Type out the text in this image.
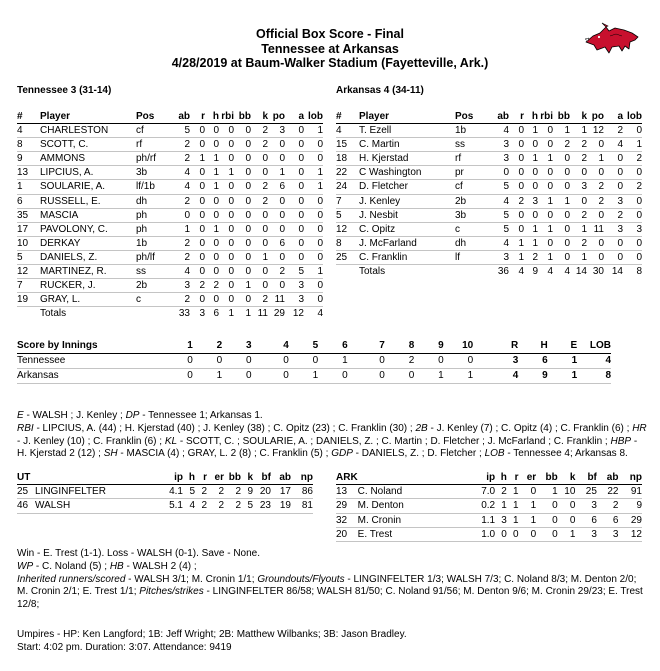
Official Box Score - Final
Tennessee at Arkansas
4/28/2019 at Baum-Walker Stadium (Fayetteville, Ark.)
Tennessee 3 (31-14)	Arkansas 4 (34-11)
#	Player	Pos	ab	r	h	rbi	bb	k	po	a	lob
4	CHARLESTON	cf	5	0	0	0	0	2	3	0	1
8	SCOTT, C.	rf	2	0	0	0	0	2	0	0	0
9	AMMONS	ph/rf	2	1	1	0	0	0	0	0	0
13	LIPCIUS, A.	3b	4	0	1	1	0	0	1	0	1
1	SOULARIE, A.	lf/1b	4	0	1	0	0	2	6	0	1
6	RUSSELL, E.	dh	2	0	0	0	0	2	0	0	0
35	MASCIA	ph	0	0	0	0	0	0	0	0	0
17	PAVOLONY, C.	ph	1	0	1	0	0	0	0	0	0
10	DERKAY	1b	2	0	0	0	0	0	6	0	0
5	DANIELS, Z.	ph/lf	2	0	0	0	0	1	0	0	0
12	MARTINEZ, R.	ss	4	0	0	0	0	0	2	5	1
7	RUCKER, J.	2b	3	2	2	0	1	0	0	3	0
19	GRAY, L.	c	2	0	0	0	0	2	11	3	0
	Totals		33	3	6	1	1	11	29	12	4
#	Player	Pos	ab	r	h	rbi	bb	k	po	a	lob
4	T. Ezell	1b	4	0	1	0	1	1	12	2	0
15	C. Martin	ss	3	0	0	0	2	2	0	4	1
18	H. Kjerstad	rf	3	0	1	1	0	2	1	0	2
22	C Washington	pr	0	0	0	0	0	0	0	0	0
24	D. Fletcher	cf	5	0	0	0	0	3	2	0	2
7	J. Kenley	2b	4	2	3	1	1	0	2	3	0
5	J. Nesbit	3b	5	0	0	0	0	2	0	2	0
12	C. Opitz	c	5	0	1	1	0	1	11	3	3
8	J. McFarland	dh	4	1	1	0	0	2	0	0	0
25	C. Franklin	lf	3	1	2	1	0	1	0	0	0
	Totals		36	4	9	4	4	14	30	14	8
Score by Innings	1	2	3	4	5	6	7	8	9	10	R	H	E	LOB
Tennessee	0	0	0	0	0	1	0	2	0	0	3	6	1	4
Arkansas	0	1	0	0	1	0	0	0	1	1	4	9	1	8
E - WALSH ; J. Kenley ; DP - Tennessee 1; Arkansas 1.
RBI - LIPCIUS, A. (44) ; H. Kjerstad (40) ; J. Kenley (38) ; C. Opitz (23) ; C. Franklin (30) ; 2B - J. Kenley (7) ; C. Opitz (4) ; C. Franklin (6) ; HR - J. Kenley (10) ; C. Franklin (6) ; KL - SCOTT, C. ; SOULARIE, A. ; DANIELS, Z. ; C. Martin ; D. Fletcher ; J. McFarland ; C. Franklin ; HBP - H. Kjerstad 2 (12) ; SH - MASCIA (4) ; GRAY, L. 2 (8) ; C. Franklin (5) ; GDP - DANIELS, Z. ; D. Fletcher ; LOB - Tennessee 4; Arkansas 8.
UT		ip	h	r	er	bb	k	bf	ab	np
25	LINGINFELTER	4.1	5	2	2	2	9	20	17	86
46	WALSH	5.1	4	2	2	2	5	23	19	81
ARK		ip	h	r	er	bb	k	bf	ab	np
13	C. Noland	7.0	2	1	0	1	10	25	22	91
29	M. Denton	0.2	1	1	1	0	0	3	2	9
32	M. Cronin	1.1	3	1	1	0	0	6	6	29
20	E. Trest	1.0	0	0	0	0	1	3	3	12
Win - E. Trest (1-1). Loss - WALSH (0-1). Save - None.
WP - C. Noland (5) ; HB - WALSH 2 (4) ;
Inherited runners/scored - WALSH 3/1; M. Cronin 1/1; Groundouts/Flyouts - LINGINFELTER 1/3; WALSH 7/3; C. Noland 8/3; M. Denton 2/0; M. Cronin 2/1; E. Trest 1/1; Pitches/strikes - LINGINFELTER 86/58; WALSH 81/50; C. Noland 91/56; M. Denton 9/6; M. Cronin 29/23; E. Trest 12/8;
Umpires - HP: Ken Langford; 1B: Jeff Wright; 2B: Matthew Wilbanks; 3B: Jason Bradley.
Start: 4:02 pm. Duration: 3:07. Attendance: 9419
